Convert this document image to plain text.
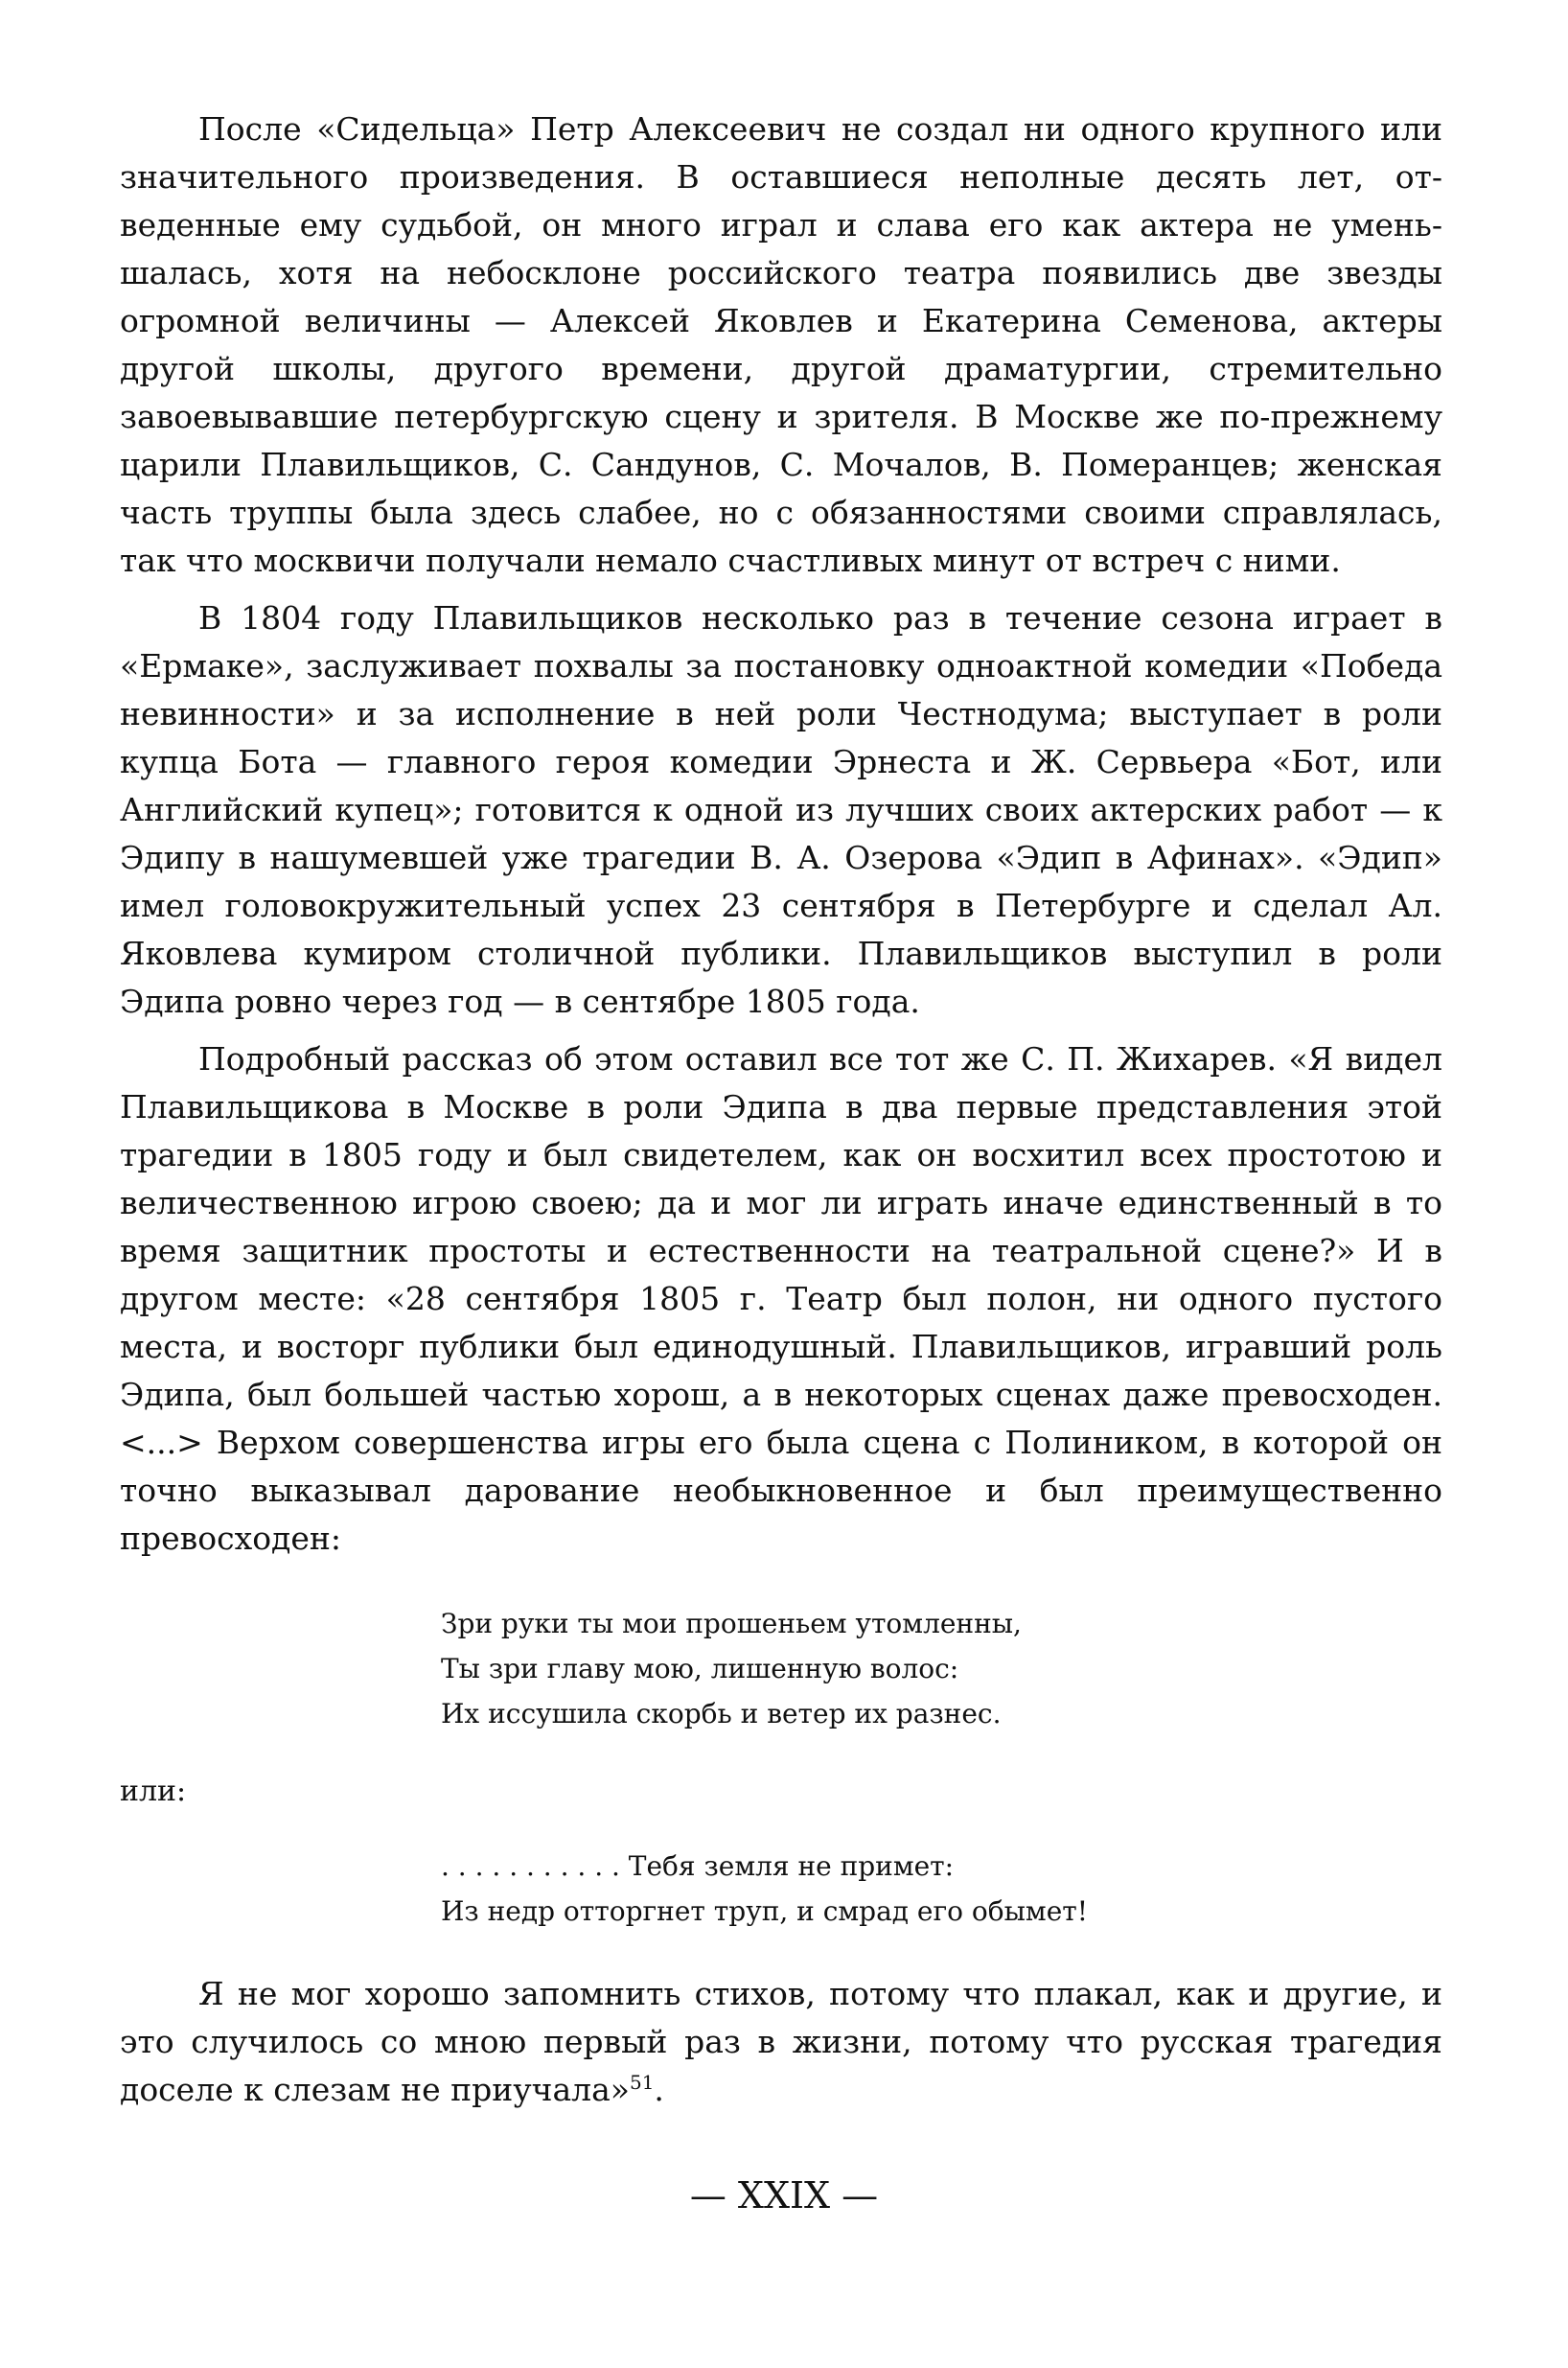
После «Сидельца» Петр Алексеевич не создал ни одного крупного или значительного произведения. В оставшиеся неполные десять лет, отведенные ему судьбой, он много играл и слава его как актера не уменьшалась, хотя на небосклоне российского театра появились две звезды огромной величины — Алексей Яковлев и Екатерина Семенова, актеры другой школы, другого времени, другой драматургии, стремительно завоевывавшие петербургскую сцену и зрителя. В Москве же по-прежнему царили Плавильщиков, С. Сандунов, С. Мочалов, В. Померанцев; женская часть труппы была здесь слабее, но с обязанностями своими справлялась, так что москвичи получали немало счастливых минут от встреч с ними.

В 1804 году Плавильщиков несколько раз в течение сезона играет в «Ермаке», заслуживает похвалы за постановку одноактной комедии «Победа невинности» и за исполнение в ней роли Честнодума; выступает в роли купца Бота — главного героя комедии Эрнеста и Ж. Сервьера «Бот, или Английский купец»; готовится к одной из лучших своих актерских работ — к Эдипу в нашумевшей уже трагедии В. А. Озерова «Эдип в Афинах». «Эдип» имел головокружительный успех 23 сентября в Петербурге и сделал Ал. Яковлева кумиром столичной публики. Плавильщиков выступил в роли Эдипа ровно через год — в сентябре 1805 года.

Подробный рассказ об этом оставил все тот же С. П. Жихарев. «Я видел Плавильщикова в Москве в роли Эдипа в два первые представления этой трагедии в 1805 году и был свидетелем, как он восхитил всех простотою и величественною игрою своею; да и мог ли играть иначе единственный в то время защитник простоты и естественности на театральной сцене?» И в другом месте: «28 сентября 1805 г. Театр был полон, ни одного пустого места, и восторг публики был единодушный. Плавильщиков, игравший роль Эдипа, был большей частью хорош, а в некоторых сценах даже превосходен. <...> Верхом совершенства игры его была сцена с Полиником, в которой он точно выказывал дарование необыкновенное и был преимущественно превосходен:

Зри руки ты мои прошеньем утомленны,
Ты зри главу мою, лишенную волос:
Их иссушила скорбь и ветер их разнес.
или:
. . . . . . . . . . . Тебя земля не примет:
Из недр отторгнет труп, и смрад его обымет!

Я не мог хорошо запомнить стихов, потому что плакал, как и другие, и это случилось со мною первый раз в жизни, потому что русская трагедия доселе к слезам не приучала»$^{51}$.

— XXIX —
